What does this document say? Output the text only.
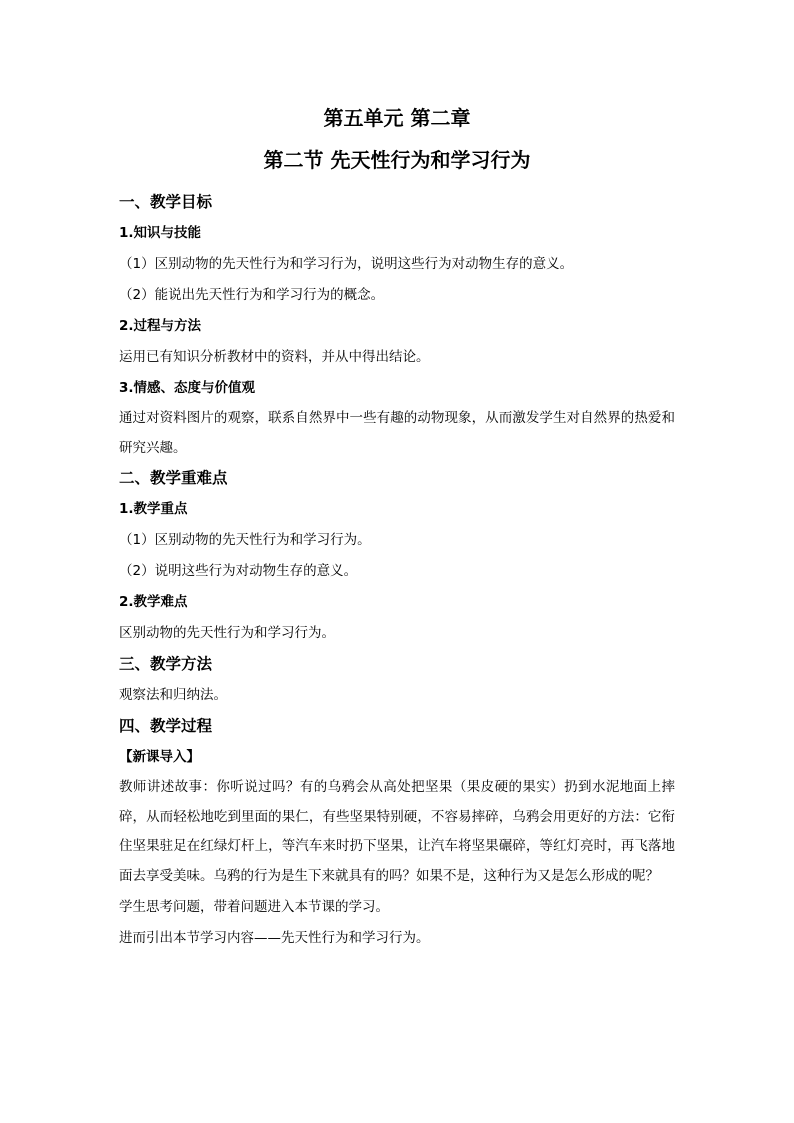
第五单元 第二章
第二节 先天性行为和学习行为
一、教学目标
1.知识与技能
（1）区别动物的先天性行为和学习行为，说明这些行为对动物生存的意义。
（2）能说出先天性行为和学习行为的概念。
2.过程与方法
运用已有知识分析教材中的资料，并从中得出结论。
3.情感、态度与价值观
通过对资料图片的观察，联系自然界中一些有趣的动物现象，从而激发学生对自然界的热爱和研究兴趣。
二、教学重难点
1.教学重点
（1）区别动物的先天性行为和学习行为。
（2）说明这些行为对动物生存的意义。
2.教学难点
区别动物的先天性行为和学习行为。
三、教学方法
观察法和归纳法。
四、教学过程
【新课导入】
教师讲述故事：你听说过吗？有的乌鸦会从高处把坚果（果皮硬的果实）扔到水泥地面上摔碎，从而轻松地吃到里面的果仁，有些坚果特别硬，不容易摔碎，乌鸦会用更好的方法：它衔住坚果驻足在红绿灯杆上，等汽车来时扔下坚果，让汽车将坚果碾碎，等红灯亮时，再飞落地面去享受美味。乌鸦的行为是生下来就具有的吗？如果不是，这种行为又是怎么形成的呢？
学生思考问题，带着问题进入本节课的学习。
进而引出本节学习内容——先天性行为和学习行为。
